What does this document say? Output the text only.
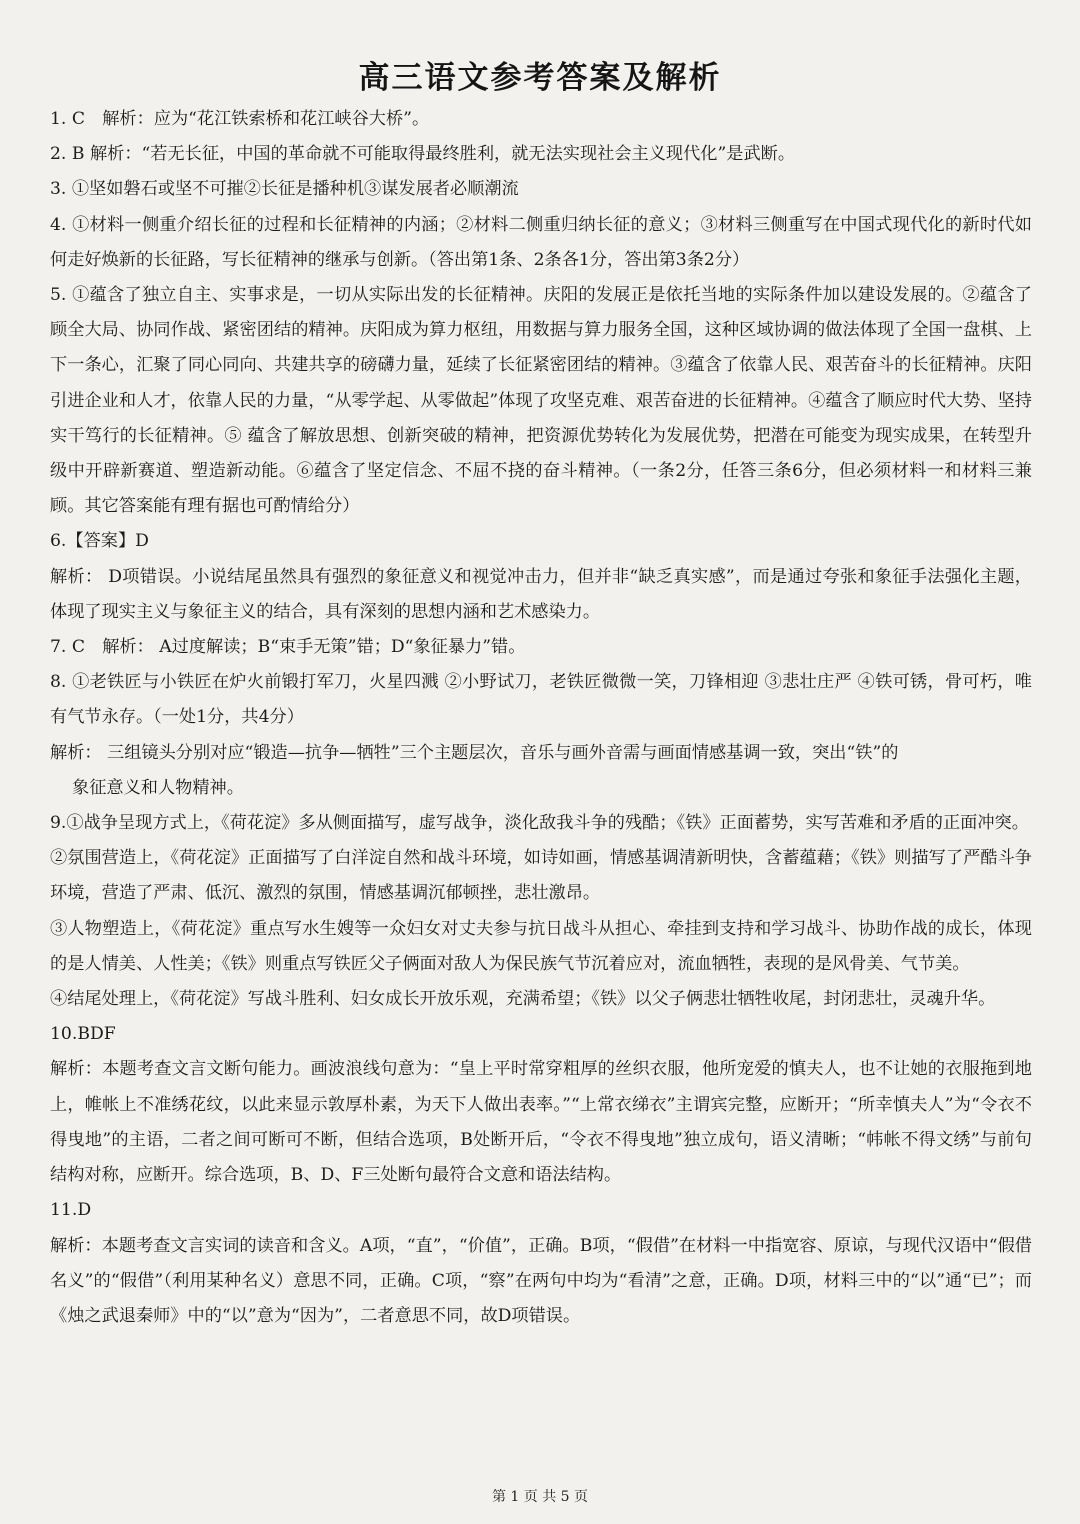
高三语文参考答案及解析

1. C　解析：应为“花江铁索桥和花江峡谷大桥”。

2. B 解析：“若无长征，中国的革命就不可能取得最终胜利，就无法实现社会主义现代化”是武断。

3. ①坚如磐石或坚不可摧②长征是播种机③谋发展者必顺潮流

4. ①材料一侧重介绍长征的过程和长征精神的内涵；②材料二侧重归纳长征的意义；③材料三侧重写在中国式现代化的新时代如何走好焕新的长征路，写长征精神的继承与创新。（答出第1条、2条各1分，答出第3条2分）

5. ①蕴含了独立自主、实事求是，一切从实际出发的长征精神。庆阳的发展正是依托当地的实际条件加以建设发展的。②蕴含了顾全大局、协同作战、紧密团结的精神。庆阳成为算力枢纽，用数据与算力服务全国，这种区域协调的做法体现了全国一盘棋、上下一条心，汇聚了同心同向、共建共享的磅礴力量，延续了长征紧密团结的精神。③蕴含了依靠人民、艰苦奋斗的长征精神。庆阳引进企业和人才，依靠人民的力量，“从零学起、从零做起”体现了攻坚克难、艰苦奋进的长征精神。④蕴含了顺应时代大势、坚持实干笃行的长征精神。⑤ 蕴含了解放思想、创新突破的精神，把资源优势转化为发展优势，把潜在可能变为现实成果，在转型升级中开辟新赛道、塑造新动能。⑥蕴含了坚定信念、不屈不挠的奋斗精神。（一条2分，任答三条6分，但必须材料一和材料三兼顾。其它答案能有理有据也可酌情给分）

6.【答案】D

解析： D项错误。小说结尾虽然具有强烈的象征意义和视觉冲击力，但并非“缺乏真实感”，而是通过夸张和象征手法强化主题，体现了现实主义与象征主义的结合，具有深刻的思想内涵和艺术感染力。

7. C　解析： A过度解读；B“束手无策”错；D“象征暴力”错。

8. ①老铁匠与小铁匠在炉火前锻打军刀，火星四溅 ②小野试刀，老铁匠微微一笑，刀锋相迎 ③悲壮庄严 ④铁可锈，骨可朽，唯有气节永存。（一处1分，共4分）

解析： 三组镜头分别对应“锻造—抗争—牺牲”三个主题层次，音乐与画外音需与画面情感基调一致，突出“铁”的

象征意义和人物精神。

9.①战争呈现方式上，《荷花淀》多从侧面描写，虚写战争，淡化敌我斗争的残酷；《铁》正面蓄势，实写苦难和矛盾的正面冲突。

②氛围营造上，《荷花淀》正面描写了白洋淀自然和战斗环境，如诗如画，情感基调清新明快，含蓄蕴藉；《铁》则描写了严酷斗争环境，营造了严肃、低沉、激烈的氛围，情感基调沉郁顿挫，悲壮激昂。

③人物塑造上，《荷花淀》重点写水生嫂等一众妇女对丈夫参与抗日战斗从担心、牵挂到支持和学习战斗、协助作战的成长，体现的是人情美、人性美；《铁》则重点写铁匠父子俩面对敌人为保民族气节沉着应对，流血牺牲，表现的是风骨美、气节美。

④结尾处理上，《荷花淀》写战斗胜利、妇女成长开放乐观，充满希望；《铁》以父子俩悲壮牺牲收尾，封闭悲壮，灵魂升华。

10.BDF

解析：本题考查文言文断句能力。画波浪线句意为：“皇上平时常穿粗厚的丝织衣服，他所宠爱的慎夫人，也不让她的衣服拖到地上，帷帐上不准绣花纹，以此来显示敦厚朴素，为天下人做出表率。”“上常衣绨衣”主谓宾完整，应断开；“所幸慎夫人”为“令衣不得曳地”的主语，二者之间可断可不断，但结合选项，B处断开后，“令衣不得曳地”独立成句，语义清晰；“帏帐不得文绣”与前句结构对称，应断开。综合选项，B、D、F三处断句最符合文意和语法结构。

11.D

解析：本题考查文言实词的读音和含义。A项，“直”，“价值”，正确。B项，“假借”在材料一中指宽容、原谅，与现代汉语中“假借名义”的“假借”（利用某种名义）意思不同，正确。C项，“察”在两句中均为“看清”之意，正确。D项，材料三中的“以”通“已”；而《烛之武退秦师》中的“以”意为“因为”，二者意思不同，故D项错误。

第 1 页 共 5 页
